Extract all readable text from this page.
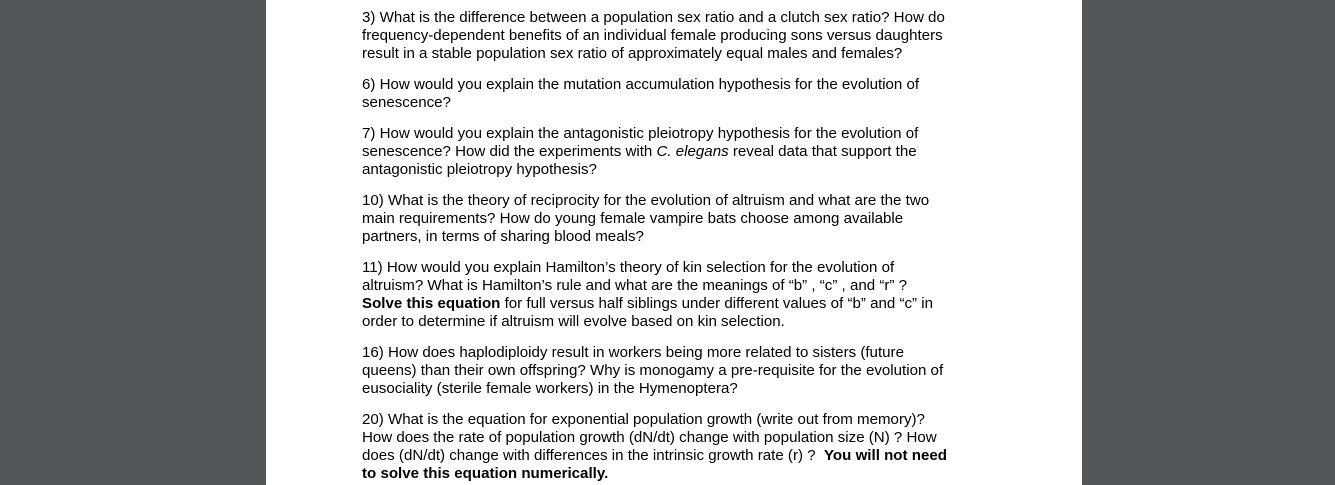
3) What is the difference between a population sex ratio and a clutch sex ratio? How do
frequency-dependent benefits of an individual female producing sons versus daughters
result in a stable population sex ratio of approximately equal males and females?
6) How would you explain the mutation accumulation hypothesis for the evolution of
senescence?
7) How would you explain the antagonistic pleiotropy hypothesis for the evolution of
senescence? How did the experiments with C. elegans reveal data that support the
antagonistic pleiotropy hypothesis?
10) What is the theory of reciprocity for the evolution of altruism and what are the two
main requirements? How do young female vampire bats choose among available
partners, in terms of sharing blood meals?
11) How would you explain Hamilton’s theory of kin selection for the evolution of
altruism? What is Hamilton’s rule and what are the meanings of “b” , “c” , and “r” ?
Solve this equation for full versus half siblings under different values of “b” and “c” in
order to determine if altruism will evolve based on kin selection.
16) How does haplodiploidy result in workers being more related to sisters (future
queens) than their own offspring? Why is monogamy a pre-requisite for the evolution of
eusociality (sterile female workers) in the Hymenoptera?
20) What is the equation for exponential population growth (write out from memory)?
How does the rate of population growth (dN/dt) change with population size (N) ? How
does (dN/dt) change with differences in the intrinsic growth rate (r) ?  You will not need
to solve this equation numerically.
